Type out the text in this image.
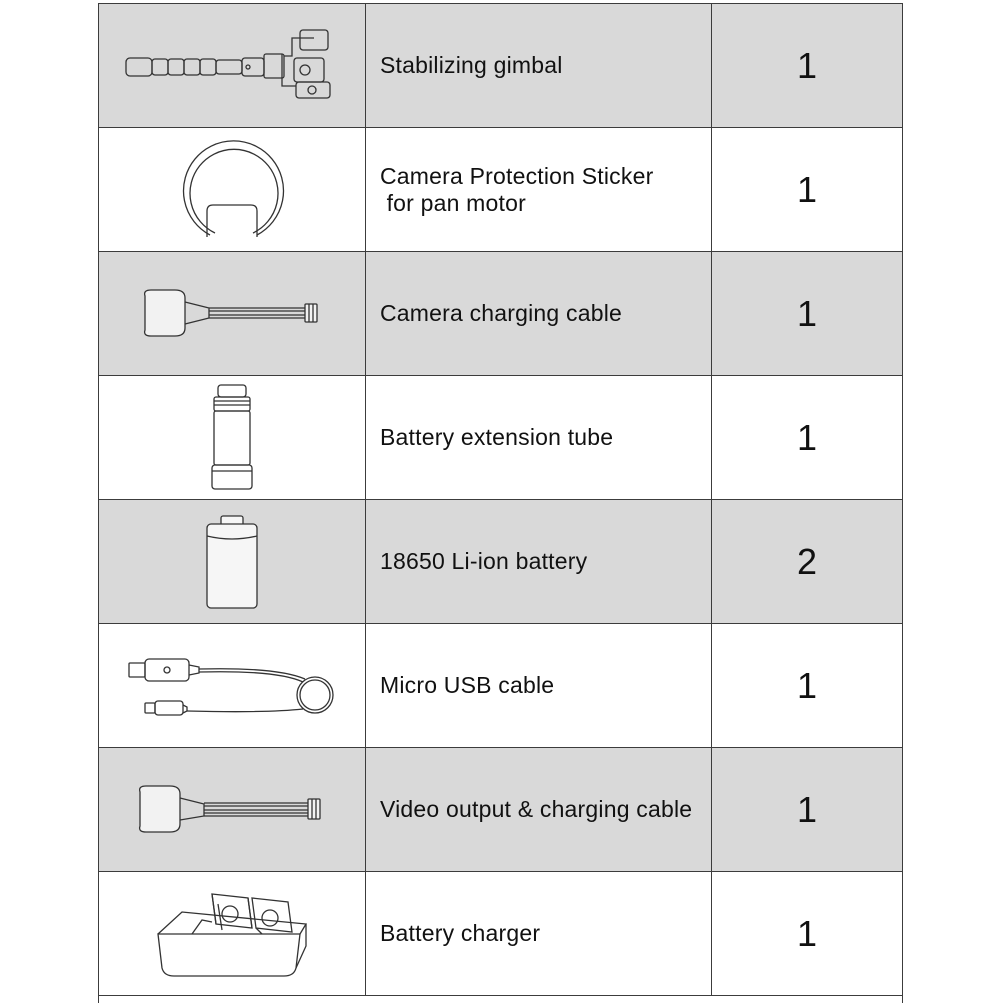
Stabilizing gimbal	1
Camera Protection Sticker
for pan motor	1
Camera charging cable	1
Battery extension tube	1
18650 Li-ion battery	2
Micro USB cable	1
Video output & charging cable	1
Battery charger	1
